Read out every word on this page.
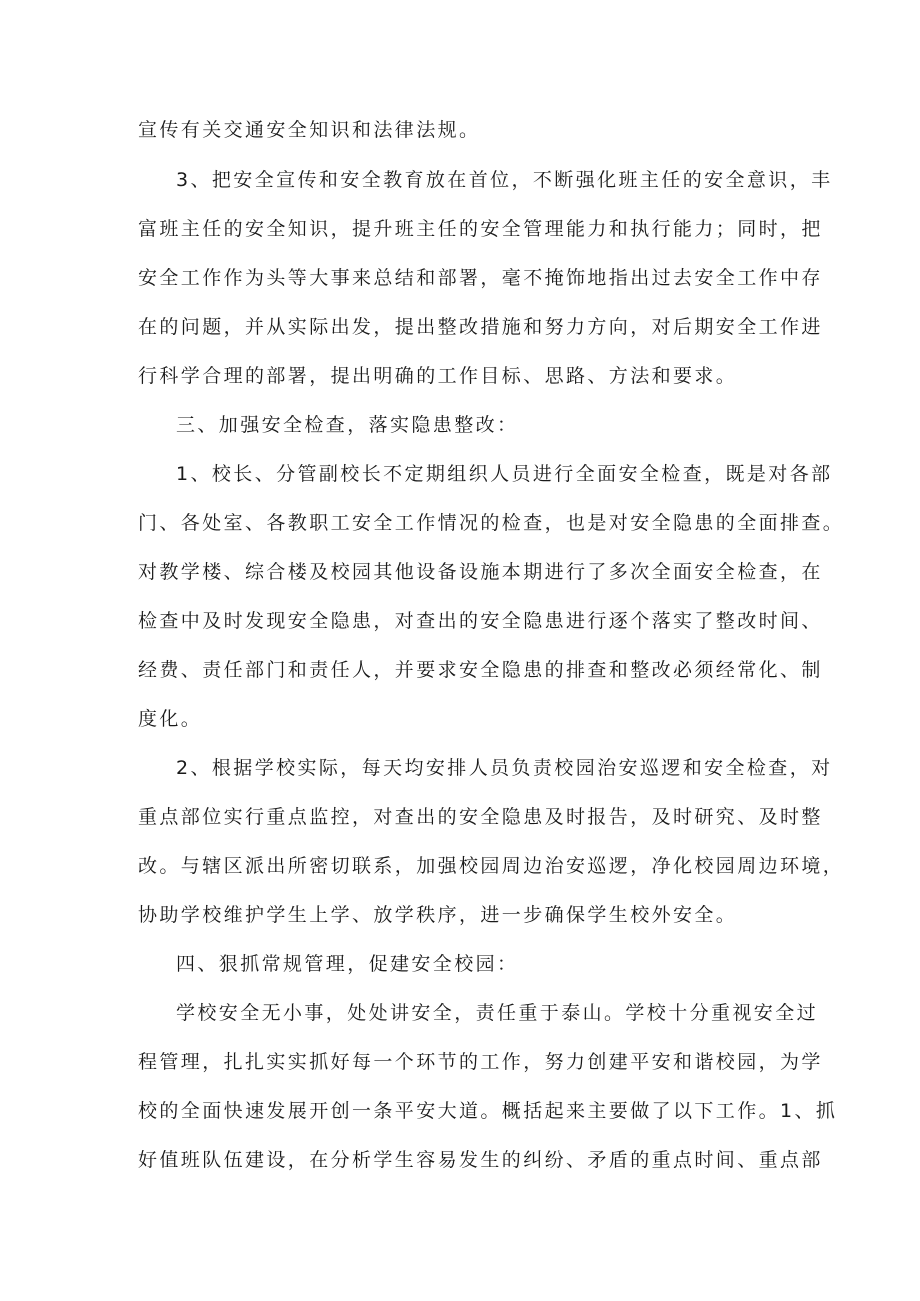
宣传有关交通安全知识和法律法规。
3、把安全宣传和安全教育放在首位，不断强化班主任的安全意识，丰
富班主任的安全知识，提升班主任的安全管理能力和执行能力；同时，把
安全工作作为头等大事来总结和部署，毫不掩饰地指出过去安全工作中存
在的问题，并从实际出发，提出整改措施和努力方向，对后期安全工作进
行科学合理的部署，提出明确的工作目标、思路、方法和要求。
三、加强安全检查，落实隐患整改：
1、校长、分管副校长不定期组织人员进行全面安全检查，既是对各部
门、各处室、各教职工安全工作情况的检查，也是对安全隐患的全面排查。
对教学楼、综合楼及校园其他设备设施本期进行了多次全面安全检查，在
检查中及时发现安全隐患，对查出的安全隐患进行逐个落实了整改时间、
经费、责任部门和责任人，并要求安全隐患的排查和整改必须经常化、制
度化。
2、根据学校实际，每天均安排人员负责校园治安巡逻和安全检查，对
重点部位实行重点监控，对查出的安全隐患及时报告，及时研究、及时整
改。与辖区派出所密切联系，加强校园周边治安巡逻，净化校园周边环境，
协助学校维护学生上学、放学秩序，进一步确保学生校外安全。
四、狠抓常规管理，促建安全校园：
学校安全无小事，处处讲安全，责任重于泰山。学校十分重视安全过
程管理，扎扎实实抓好每一个环节的工作，努力创建平安和谐校园，为学
校的全面快速发展开创一条平安大道。概括起来主要做了以下工作。1、抓
好值班队伍建设，在分析学生容易发生的纠纷、矛盾的重点时间、重点部
